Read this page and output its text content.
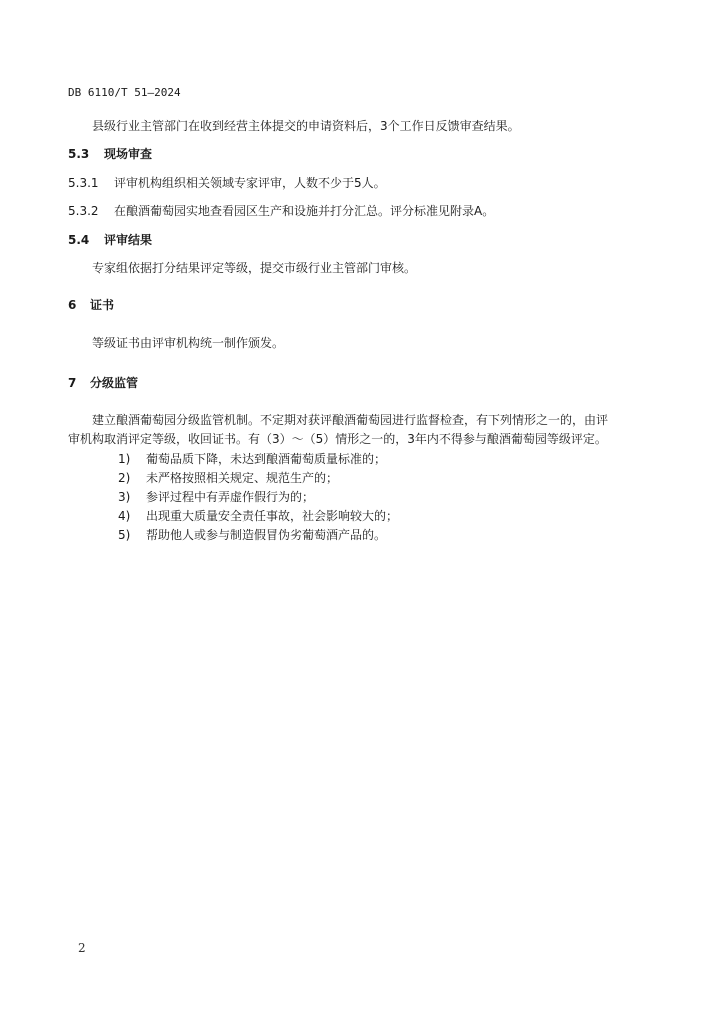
DB 6110/T 51—2024
县级行业主管部门在收到经营主体提交的申请资料后，3个工作日反馈审查结果。
5.3 现场审查
5.3.1 评审机构组织相关领域专家评审，人数不少于5人。
5.3.2 在酿酒葡萄园实地查看园区生产和设施并打分汇总。评分标准见附录A。
5.4 评审结果
专家组依据打分结果评定等级，提交市级行业主管部门审核。
6 证书
等级证书由评审机构统一制作颁发。
7 分级监管
建立酿酒葡萄园分级监管机制。不定期对获评酿酒葡萄园进行监督检查，有下列情形之一的，由评
审机构取消评定等级，收回证书。有（3）～（5）情形之一的，3年内不得参与酿酒葡萄园等级评定。
1) 葡萄品质下降，未达到酿酒葡萄质量标准的；
2) 未严格按照相关规定、规范生产的；
3) 参评过程中有弄虚作假行为的；
4) 出现重大质量安全责任事故，社会影响较大的；
5) 帮助他人或参与制造假冒伪劣葡萄酒产品的。
2
